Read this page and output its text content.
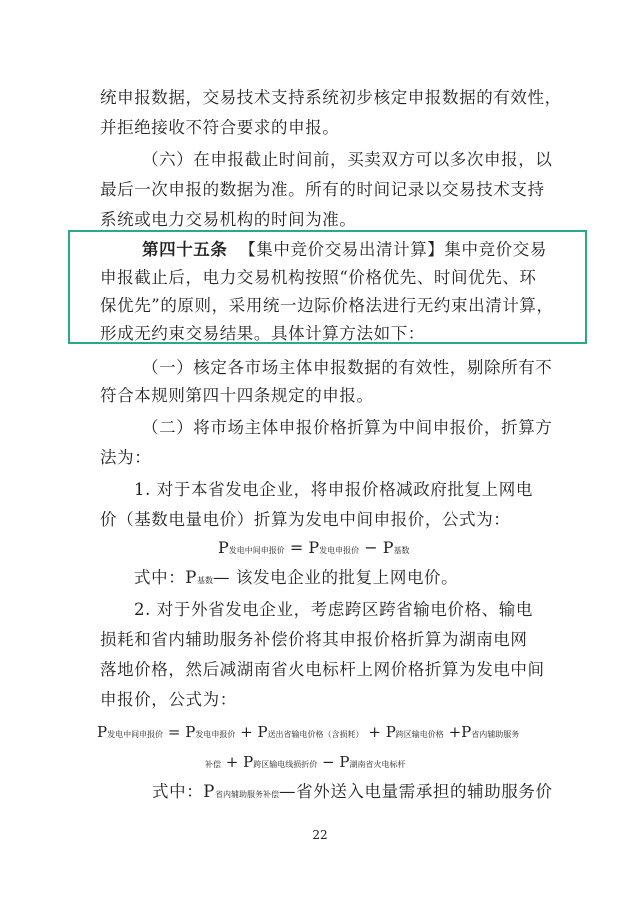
统申报数据，交易技术支持系统初步核定申报数据的有效性，
并拒绝接收不符合要求的申报。
（六）在申报截止时间前，买卖双方可以多次申报，以
最后一次申报的数据为准。所有的时间记录以交易技术支持
系统或电力交易机构的时间为准。
第四十五条 【集中竞价交易出清计算】集中竞价交易
申报截止后，电力交易机构按照“价格优先、时间优先、环
保优先”的原则，采用统一边际价格法进行无约束出清计算，
形成无约束交易结果。具体计算方法如下：
（一）核定各市场主体申报数据的有效性，剔除所有不
符合本规则第四十四条规定的申报。
（二）将市场主体申报价格折算为中间申报价，折算方
法为：
1. 对于本省发电企业，将申报价格减政府批复上网电
价（基数电量电价）折算为发电中间申报价，公式为：
P发电中间申报价 = P发电申报价 − P基数
式中：P基数— 该发电企业的批复上网电价。
2. 对于外省发电企业，考虑跨区跨省输电价格、输电
损耗和省内辅助服务补偿价将其申报价格折算为湖南电网
落地价格，然后减湖南省火电标杆上网价格折算为发电中间
申报价，公式为：
P发电中间申报价 = P发电申报价 + P送出省输电价格（含损耗） + P跨区输电价格 +P省内辅助服务
补偿 + P跨区输电线损折价 − P湖南省火电标杆
式中：P省内辅助服务补偿—省外送入电量需承担的辅助服务价
22
